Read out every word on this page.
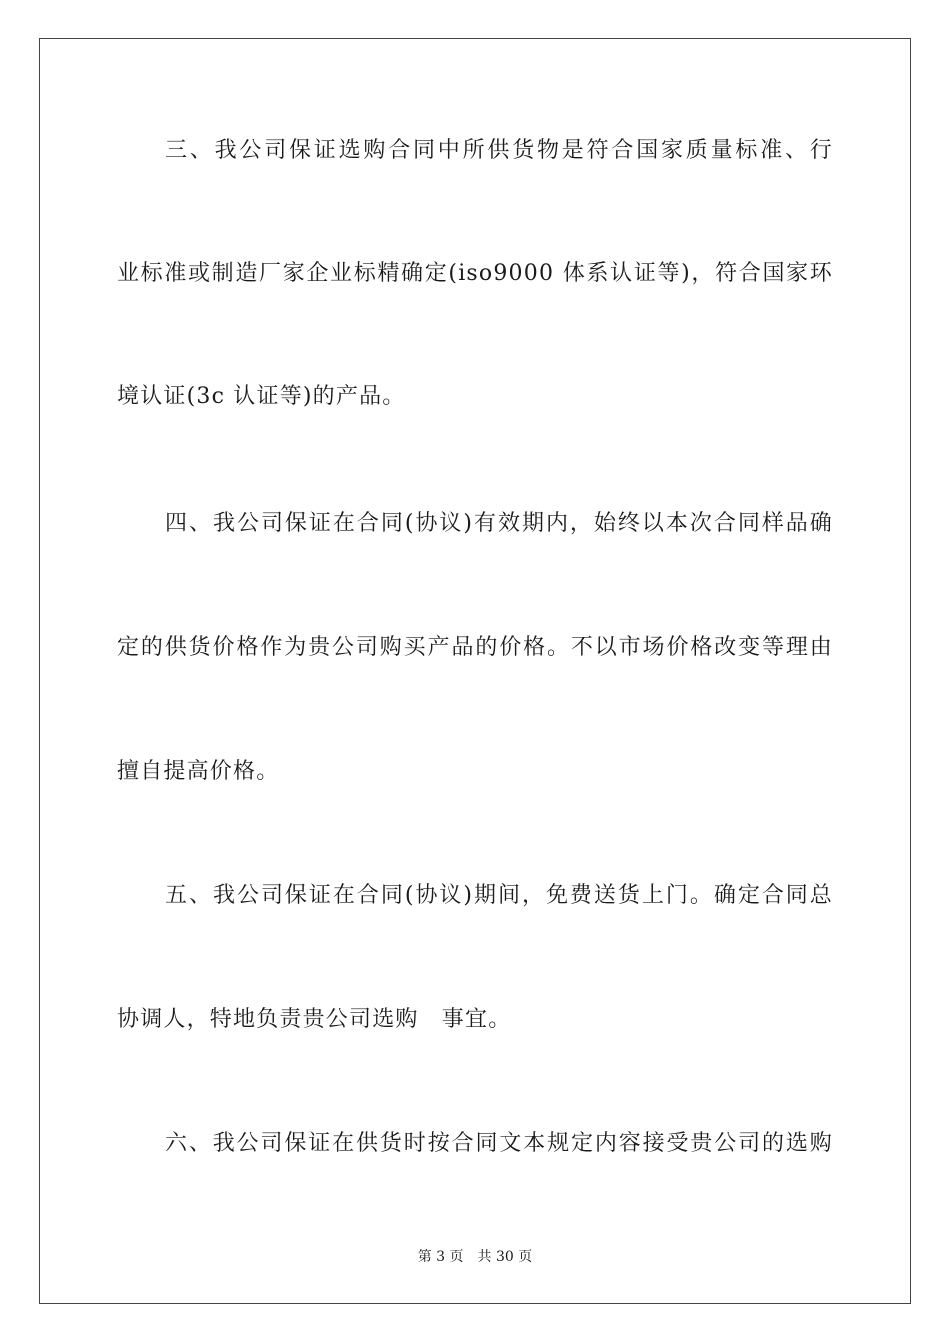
三、我公司保证选购合同中所供货物是符合国家质量标准、行
业标准或制造厂家企业标精确定(iso9000 体系认证等)，符合国家环
境认证(3c 认证等)的产品。
四、我公司保证在合同(协议)有效期内，始终以本次合同样品确
定的供货价格作为贵公司购买产品的价格。不以市场价格改变等理由
擅自提高价格。
五、我公司保证在合同(协议)期间，免费送货上门。确定合同总
协调人，特地负责贵公司选购　事宜。
六、我公司保证在供货时按合同文本规定内容接受贵公司的选购
第 3 页 共 30 页
